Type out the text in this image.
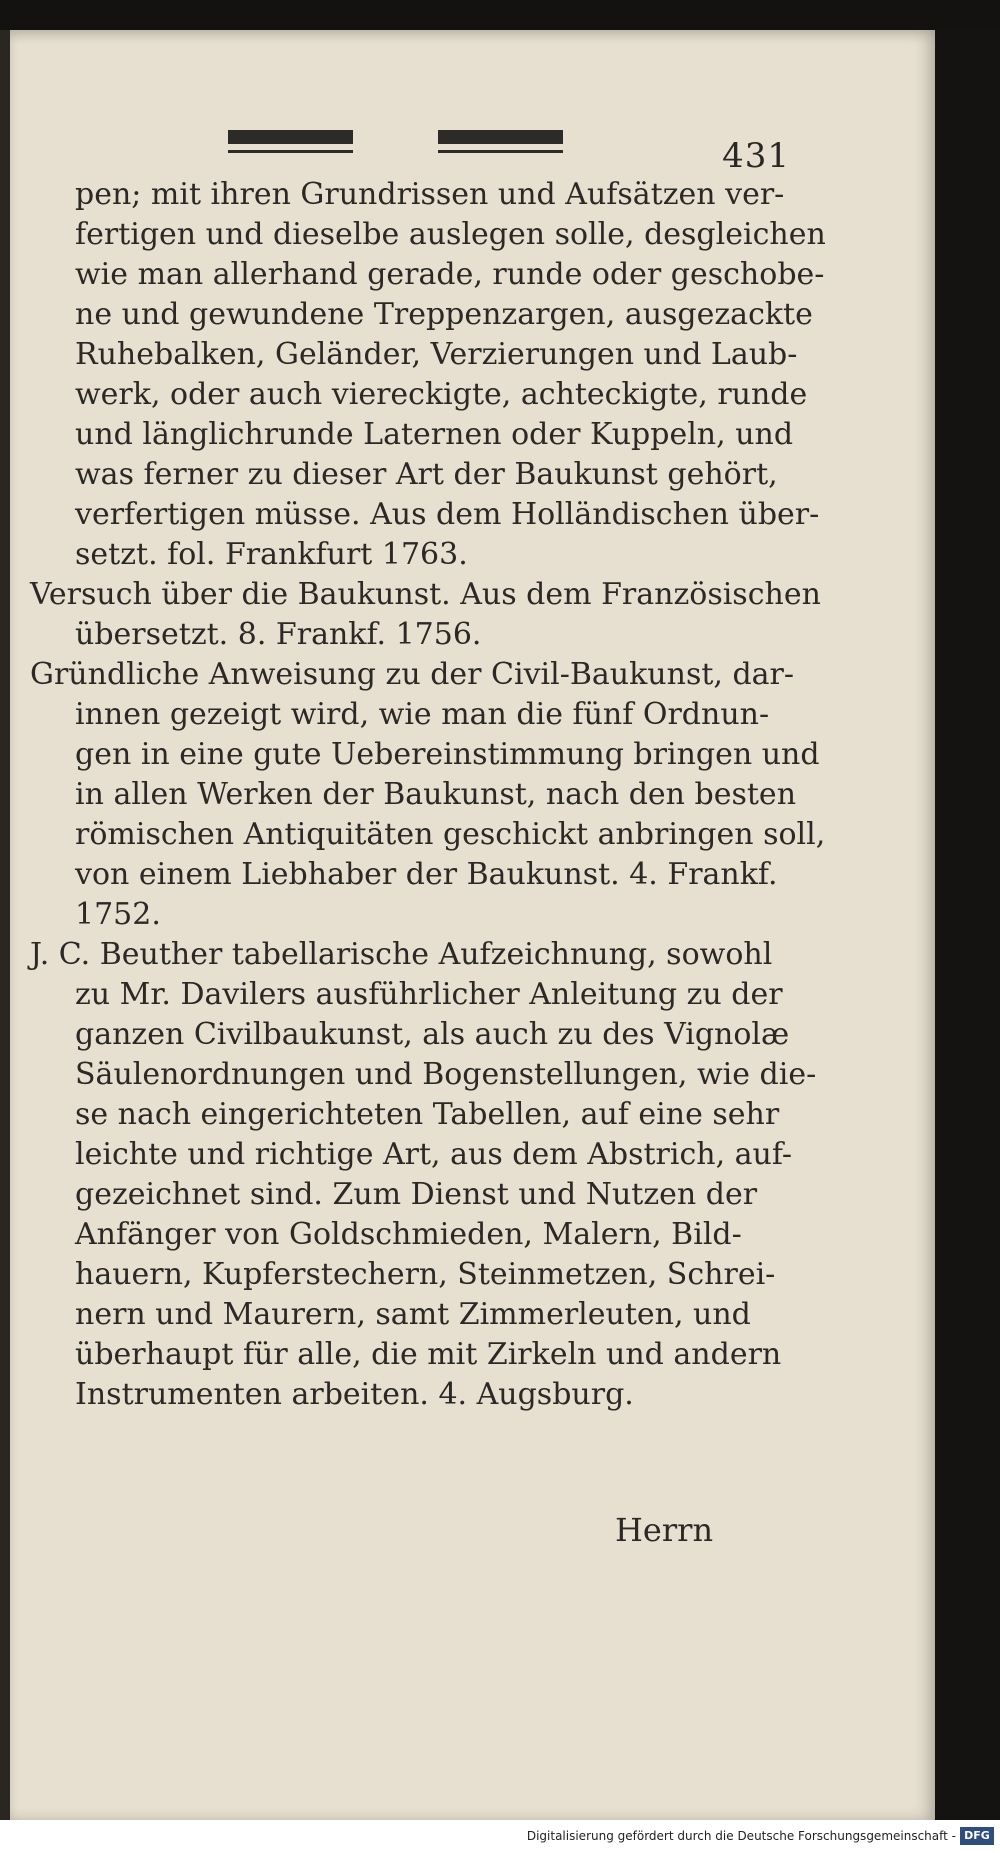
431
pen; mit ihren Grundrissen und Aufsätzen ver-
fertigen und dieselbe auslegen solle, desgleichen
wie man allerhand gerade, runde oder geschobe-
ne und gewundene Treppenzargen, ausgezackte
Ruhebalken, Geländer, Verzierungen und Laub-
werk, oder auch viereckigte, achteckigte, runde
und länglichrunde Laternen oder Kuppeln, und
was ferner zu dieser Art der Baukunst gehört,
verfertigen müsse. Aus dem Holländischen über-
setzt. fol. Frankfurt 1763.
Versuch über die Baukunst. Aus dem Französischen
übersetzt. 8. Frankf. 1756.
Gründliche Anweisung zu der Civil-Baukunst, dar-
innen gezeigt wird, wie man die fünf Ordnun-
gen in eine gute Uebereinstimmung bringen und
in allen Werken der Baukunst, nach den besten
römischen Antiquitäten geschickt anbringen soll,
von einem Liebhaber der Baukunst. 4. Frankf.
1752.
J. C. Beuther tabellarische Aufzeichnung, sowohl
zu Mr. Davilers ausführlicher Anleitung zu der
ganzen Civilbaukunst, als auch zu des Vignolæ
Säulenordnungen und Bogenstellungen, wie die-
se nach eingerichteten Tabellen, auf eine sehr
leichte und richtige Art, aus dem Abstrich, auf-
gezeichnet sind. Zum Dienst und Nutzen der
Anfänger von Goldschmieden, Malern, Bild-
hauern, Kupferstechern, Steinmetzen, Schrei-
nern und Maurern, samt Zimmerleuten, und
überhaupt für alle, die mit Zirkeln und andern
Instrumenten arbeiten. 4. Augsburg.
Herrn
Digitalisierung gefördert durch die Deutsche Forschungsgemeinschaft - DFG
